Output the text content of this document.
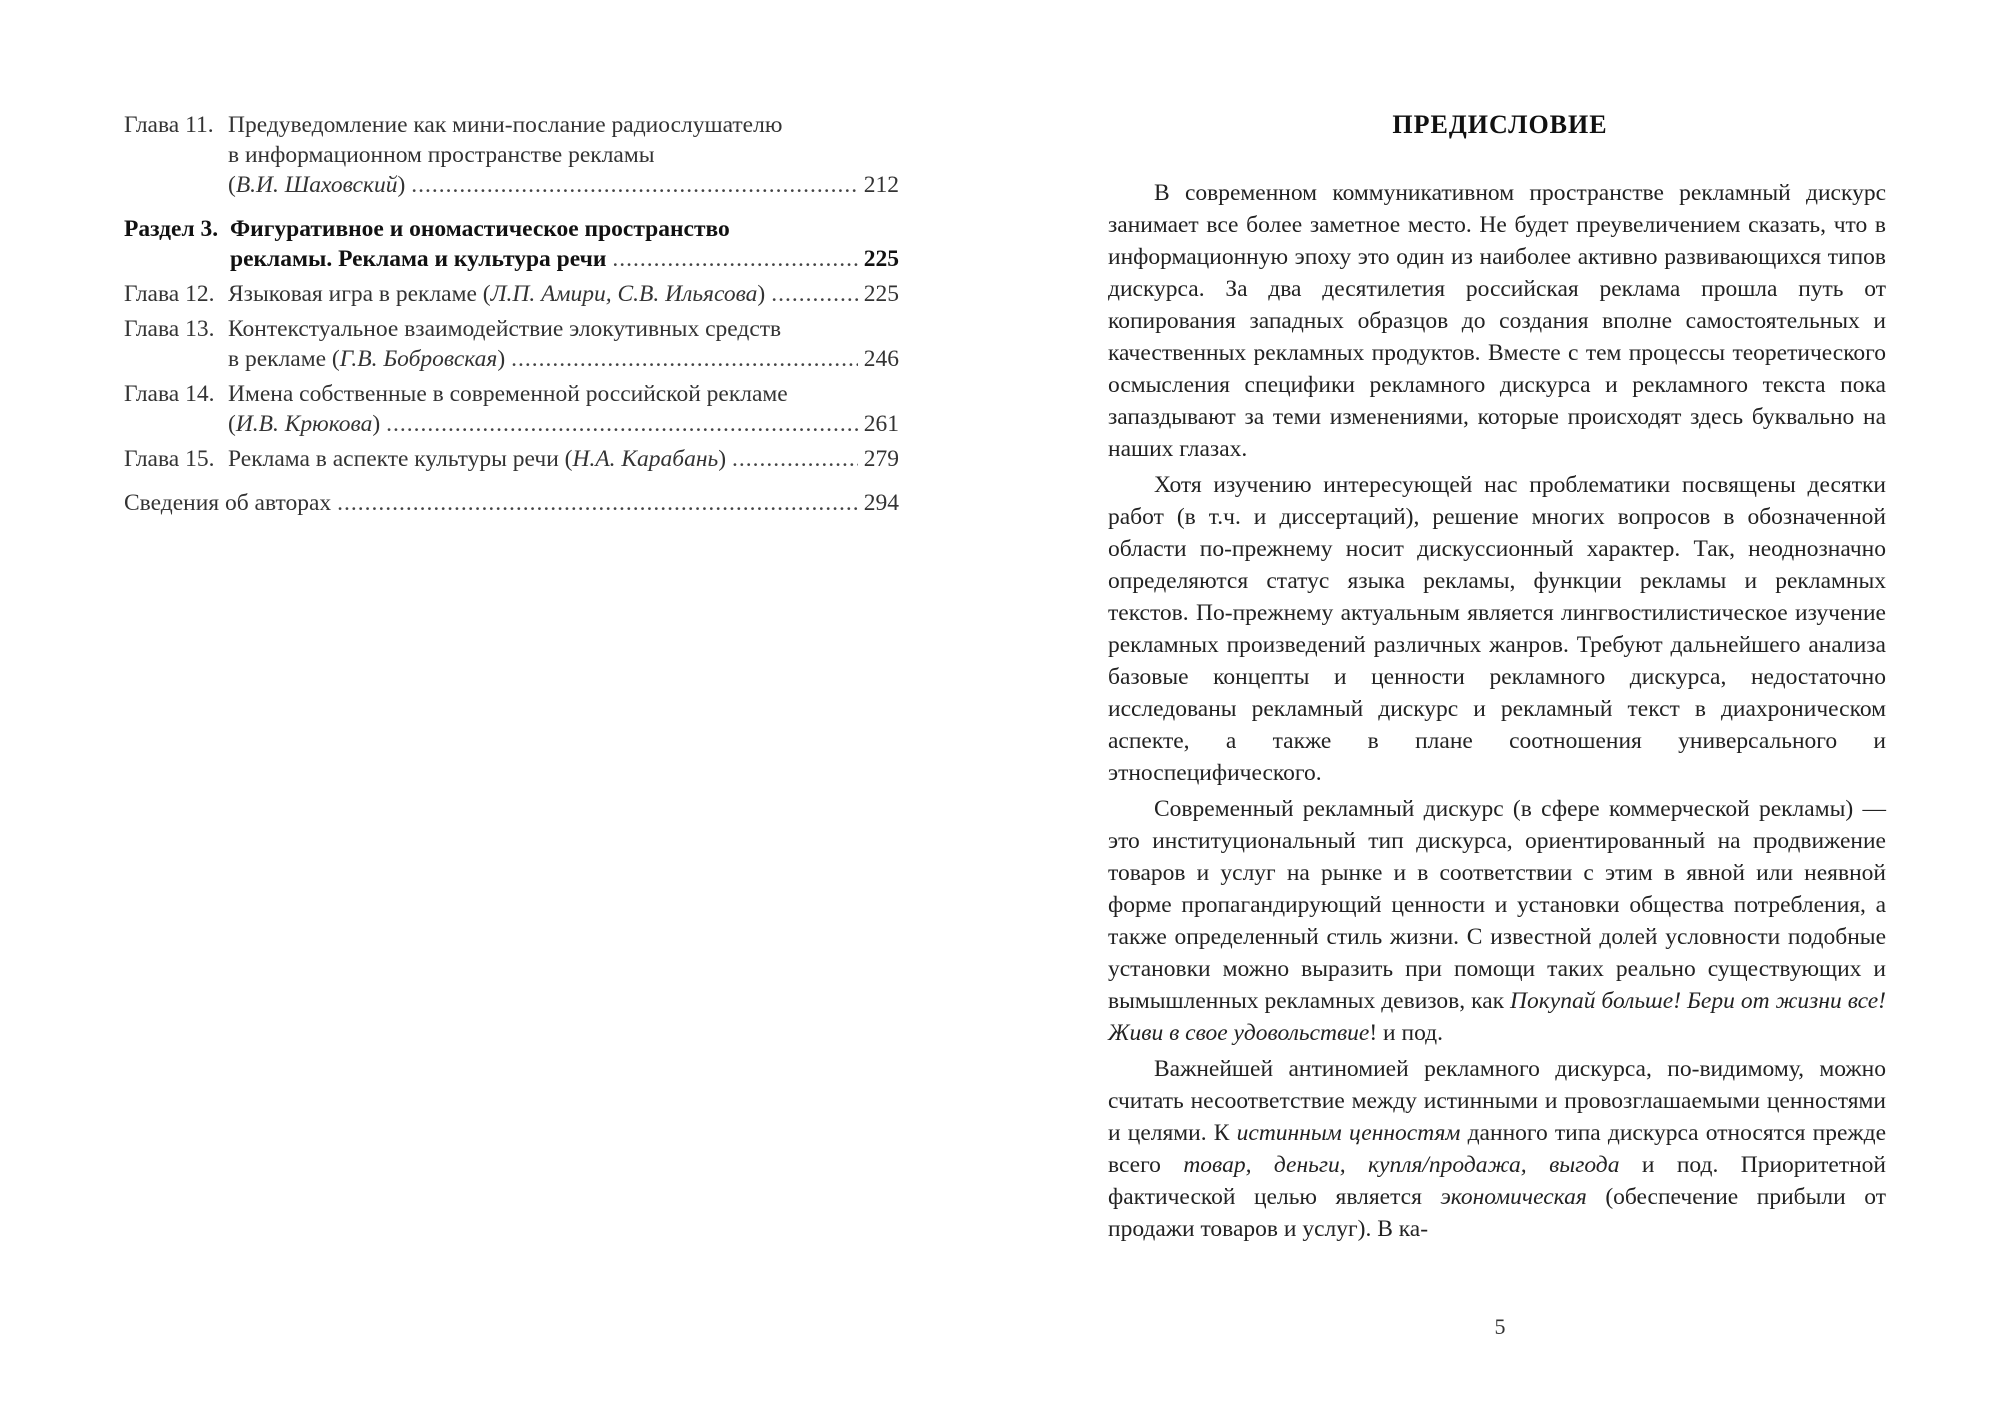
Глава 11. Предуведомление как мини-послание радиослушателю
в информационном пространстве рекламы
(В.И. Шаховский) .....	212
Раздел 3. Фигуративное и ономастическое пространство
рекламы. Реклама и культура речи .....	225
Глава 12. Языковая игра в рекламе (Л.П. Амири, С.В. Ильясова) .....	225
Глава 13. Контекстуальное взаимодействие элокутивных средств
в рекламе (Г.В. Бобровская) .....	246
Глава 14. Имена собственные в современной российской рекламе
(И.В. Крюкова) .....	261
Глава 15. Реклама в аспекте культуры речи (Н.А. Карабань) .....	279
Сведения об авторах .....	294
ПРЕДИСЛОВИЕ

В современном коммуникативном пространстве рекламный дискурс занимает все более заметное место. Не будет преувеличением сказать, что в информационную эпоху это один из наиболее активно развивающихся типов дискурса. За два десятилетия российская реклама прошла путь от копирования западных образцов до создания вполне самостоятельных и качественных рекламных продуктов. Вместе с тем процессы теоретического осмысления специфики рекламного дискурса и рекламного текста пока запаздывают за теми изменениями, которые происходят здесь буквально на наших глазах.

Хотя изучению интересующей нас проблематики посвящены десятки работ (в т.ч. и диссертаций), решение многих вопросов в обозначенной области по-прежнему носит дискуссионный характер. Так, неоднозначно определяются статус языка рекламы, функции рекламы и рекламных текстов. По-прежнему актуальным является лингвостилистическое изучение рекламных произведений различных жанров. Требуют дальнейшего анализа базовые концепты и ценности рекламного дискурса, недостаточно исследованы рекламный дискурс и рекламный текст в диахроническом аспекте, а также в плане соотношения универсального и этноспецифического.

Современный рекламный дискурс (в сфере коммерческой рекламы) — это институциональный тип дискурса, ориентированный на продвижение товаров и услуг на рынке и в соответствии с этим в явной или неявной форме пропагандирующий ценности и установки общества потребления, а также определенный стиль жизни. С известной долей условности подобные установки можно выразить при помощи таких реально существующих и вымышленных рекламных девизов, как Покупай больше! Бери от жизни все! Живи в свое удовольствие! и под.

Важнейшей антиномией рекламного дискурса, по-видимому, можно считать несоответствие между истинными и провозглашаемыми ценностями и целями. К истинным ценностям данного типа дискурса относятся прежде всего товар, деньги, купля/продажа, выгода и под. Приоритетной фактической целью является экономическая (обеспечение прибыли от продажи товаров и услуг). В ка-

5
